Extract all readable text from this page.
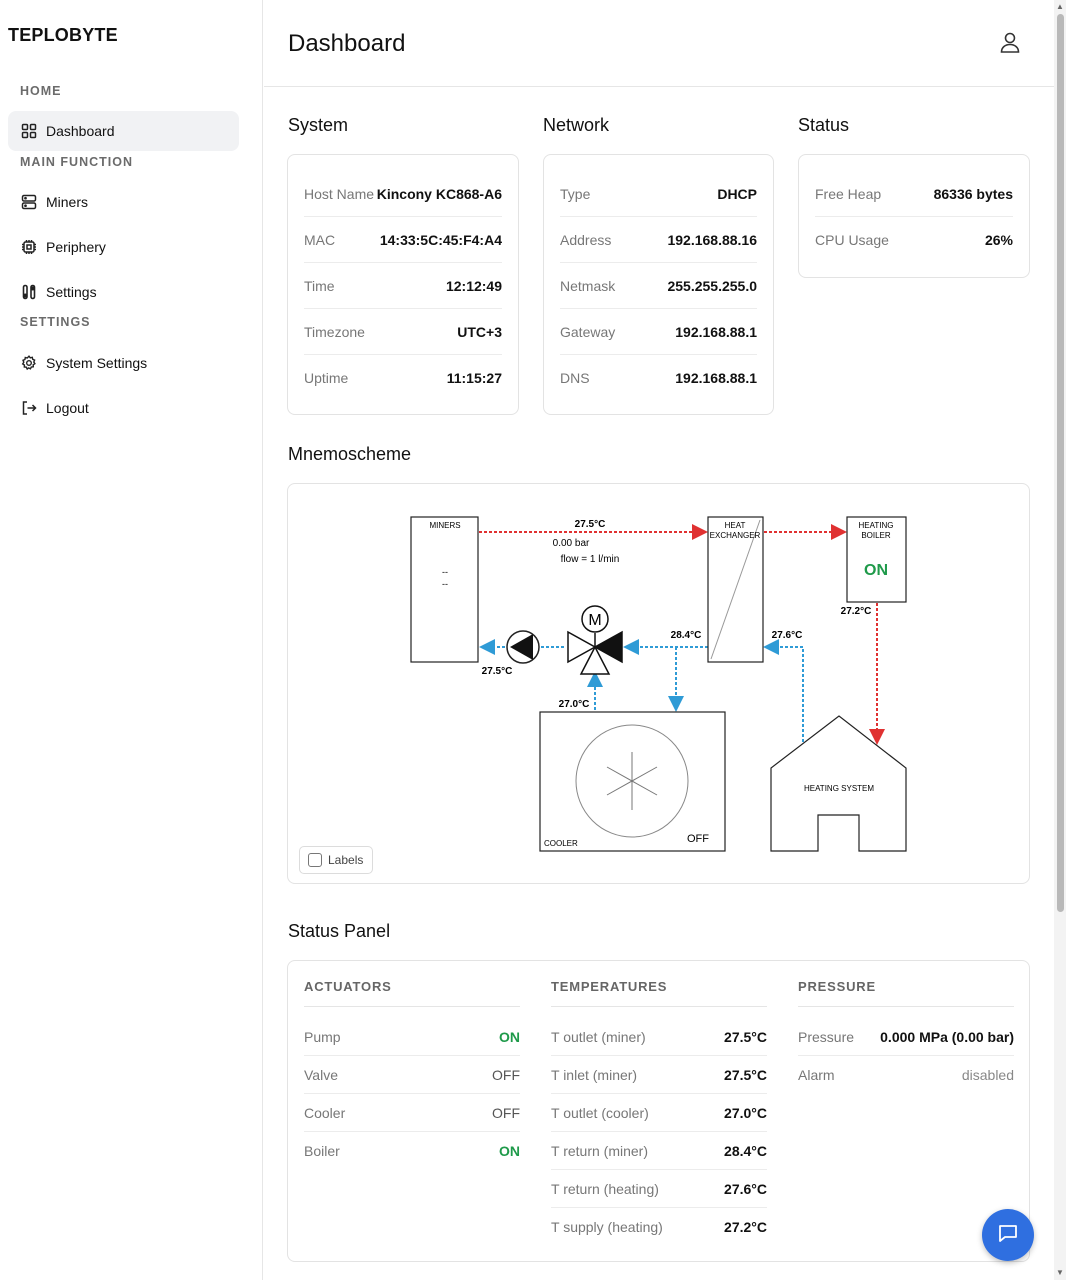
TEPLOBYTE
HOME
Dashboard
MAIN FUNCTION
Miners
Periphery
Settings
SETTINGS
System Settings
Logout
Dashboard
▲
▼
System
Host Name Kincony KC868-A6
MAC	14:33:5C:45:F4:A4
Time	12:12:49
Timezone	UTC+3
Uptime	11:15:27
Network
Type	DHCP
Address	192.168.88.16
Netmask	255.255.255.0
Gateway	192.168.88.1
DNS	192.168.88.1
Status
Free Heap	86336 bytes
CPU Usage	26%
Mnemoscheme
MINERS
--
--
HEAT
EXCHANGER
HEATING
BOILER
ON
27.5°C
0.00 bar
flow = 1 l/min
27.2°C
28.4°C	27.6°C
27.5°C
27.0°C
M
COOLER	OFF
HEATING SYSTEM
Labels
Status Panel
ACTUATORS
Pump	ON
Valve	OFF
Cooler	OFF
Boiler	ON
TEMPERATURES
T outlet (miner)	27.5°C
T inlet (miner)	27.5°C
T outlet (cooler)	27.0°C
T return (miner)	28.4°C
T return (heating)	27.6°C
T supply (heating)	27.2°C
PRESSURE
Pressure 0.000 MPa (0.00 bar)
Alarm	disabled
